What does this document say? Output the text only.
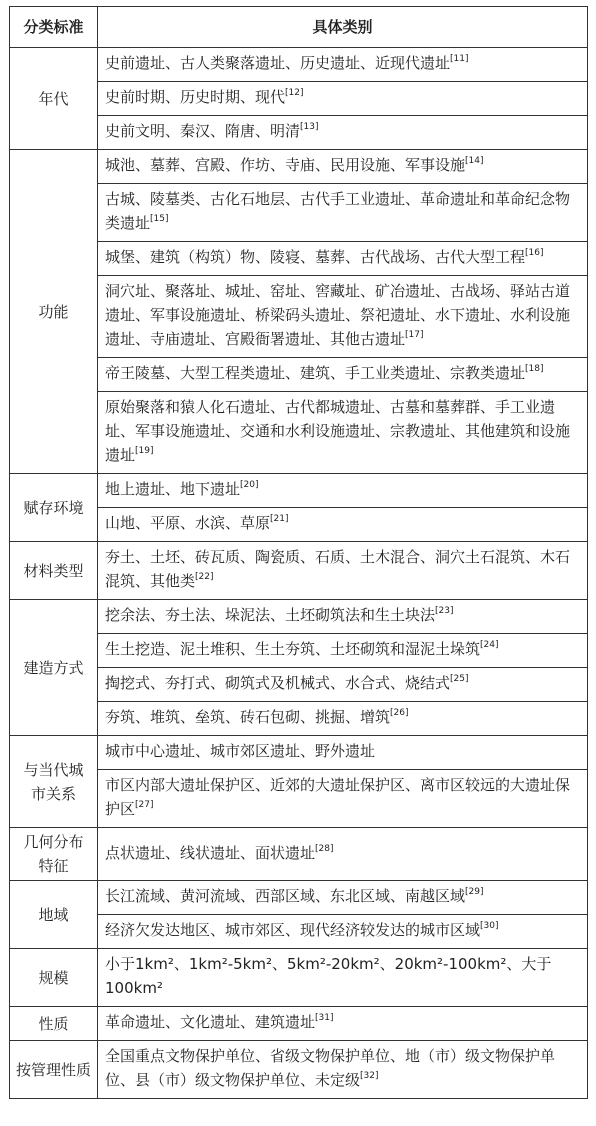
分类标准	具体类别

年代	史前遗址、古人类聚落遗址、历史遗址、近现代遗址[11]
	史前时期、历史时期、现代[12]
	史前文明、秦汉、隋唐、明清[13]

功能	城池、墓葬、宫殿、作坊、寺庙、民用设施、军事设施[14]
	古城、陵墓类、古化石地层、古代手工业遗址、革命遗址和革命纪念物类遗址[15]
	城堡、建筑（构筑）物、陵寝、墓葬、古代战场、古代大型工程[16]
	洞穴址、聚落址、城址、窑址、窖藏址、矿冶遗址、古战场、驿站古道遗址、军事设施遗址、桥梁码头遗址、祭祀遗址、水下遗址、水利设施遗址、寺庙遗址、宫殿衙署遗址、其他古遗址[17]
	帝王陵墓、大型工程类遗址、建筑、手工业类遗址、宗教类遗址[18]
	原始聚落和猿人化石遗址、古代都城遗址、古墓和墓葬群、手工业遗址、军事设施遗址、交通和水利设施遗址、宗教遗址、其他建筑和设施遗址[19]

赋存环境	地上遗址、地下遗址[20]
	山地、平原、水滨、草原[21]

材料类型	夯土、土坯、砖瓦质、陶瓷质、石质、土木混合、洞穴土石混筑、木石混筑、其他类[22]

建造方式	挖余法、夯土法、垛泥法、土坯砌筑法和生土块法[23]
	生土挖造、泥土堆积、生土夯筑、土坯砌筑和湿泥土垛筑[24]
	掏挖式、夯打式、砌筑式及机械式、水合式、烧结式[25]
	夯筑、堆筑、垒筑、砖石包砌、挑掘、增筑[26]

与当代城市关系	城市中心遗址、城市郊区遗址、野外遗址
	市区内部大遗址保护区、近郊的大遗址保护区、离市区较远的大遗址保护区[27]

几何分布特征	点状遗址、线状遗址、面状遗址[28]

地域	长江流域、黄河流域、西部区域、东北区域、南越区域[29]
	经济欠发达地区、城市郊区、现代经济较发达的城市区域[30]

规模	小于1km²、1km²-5km²、5km²-20km²、20km²-100km²、大于100km²

性质	革命遗址、文化遗址、建筑遗址[31]

按管理性质	全国重点文物保护单位、省级文物保护单位、地（市）级文物保护单位、县（市）级文物保护单位、未定级[32]
